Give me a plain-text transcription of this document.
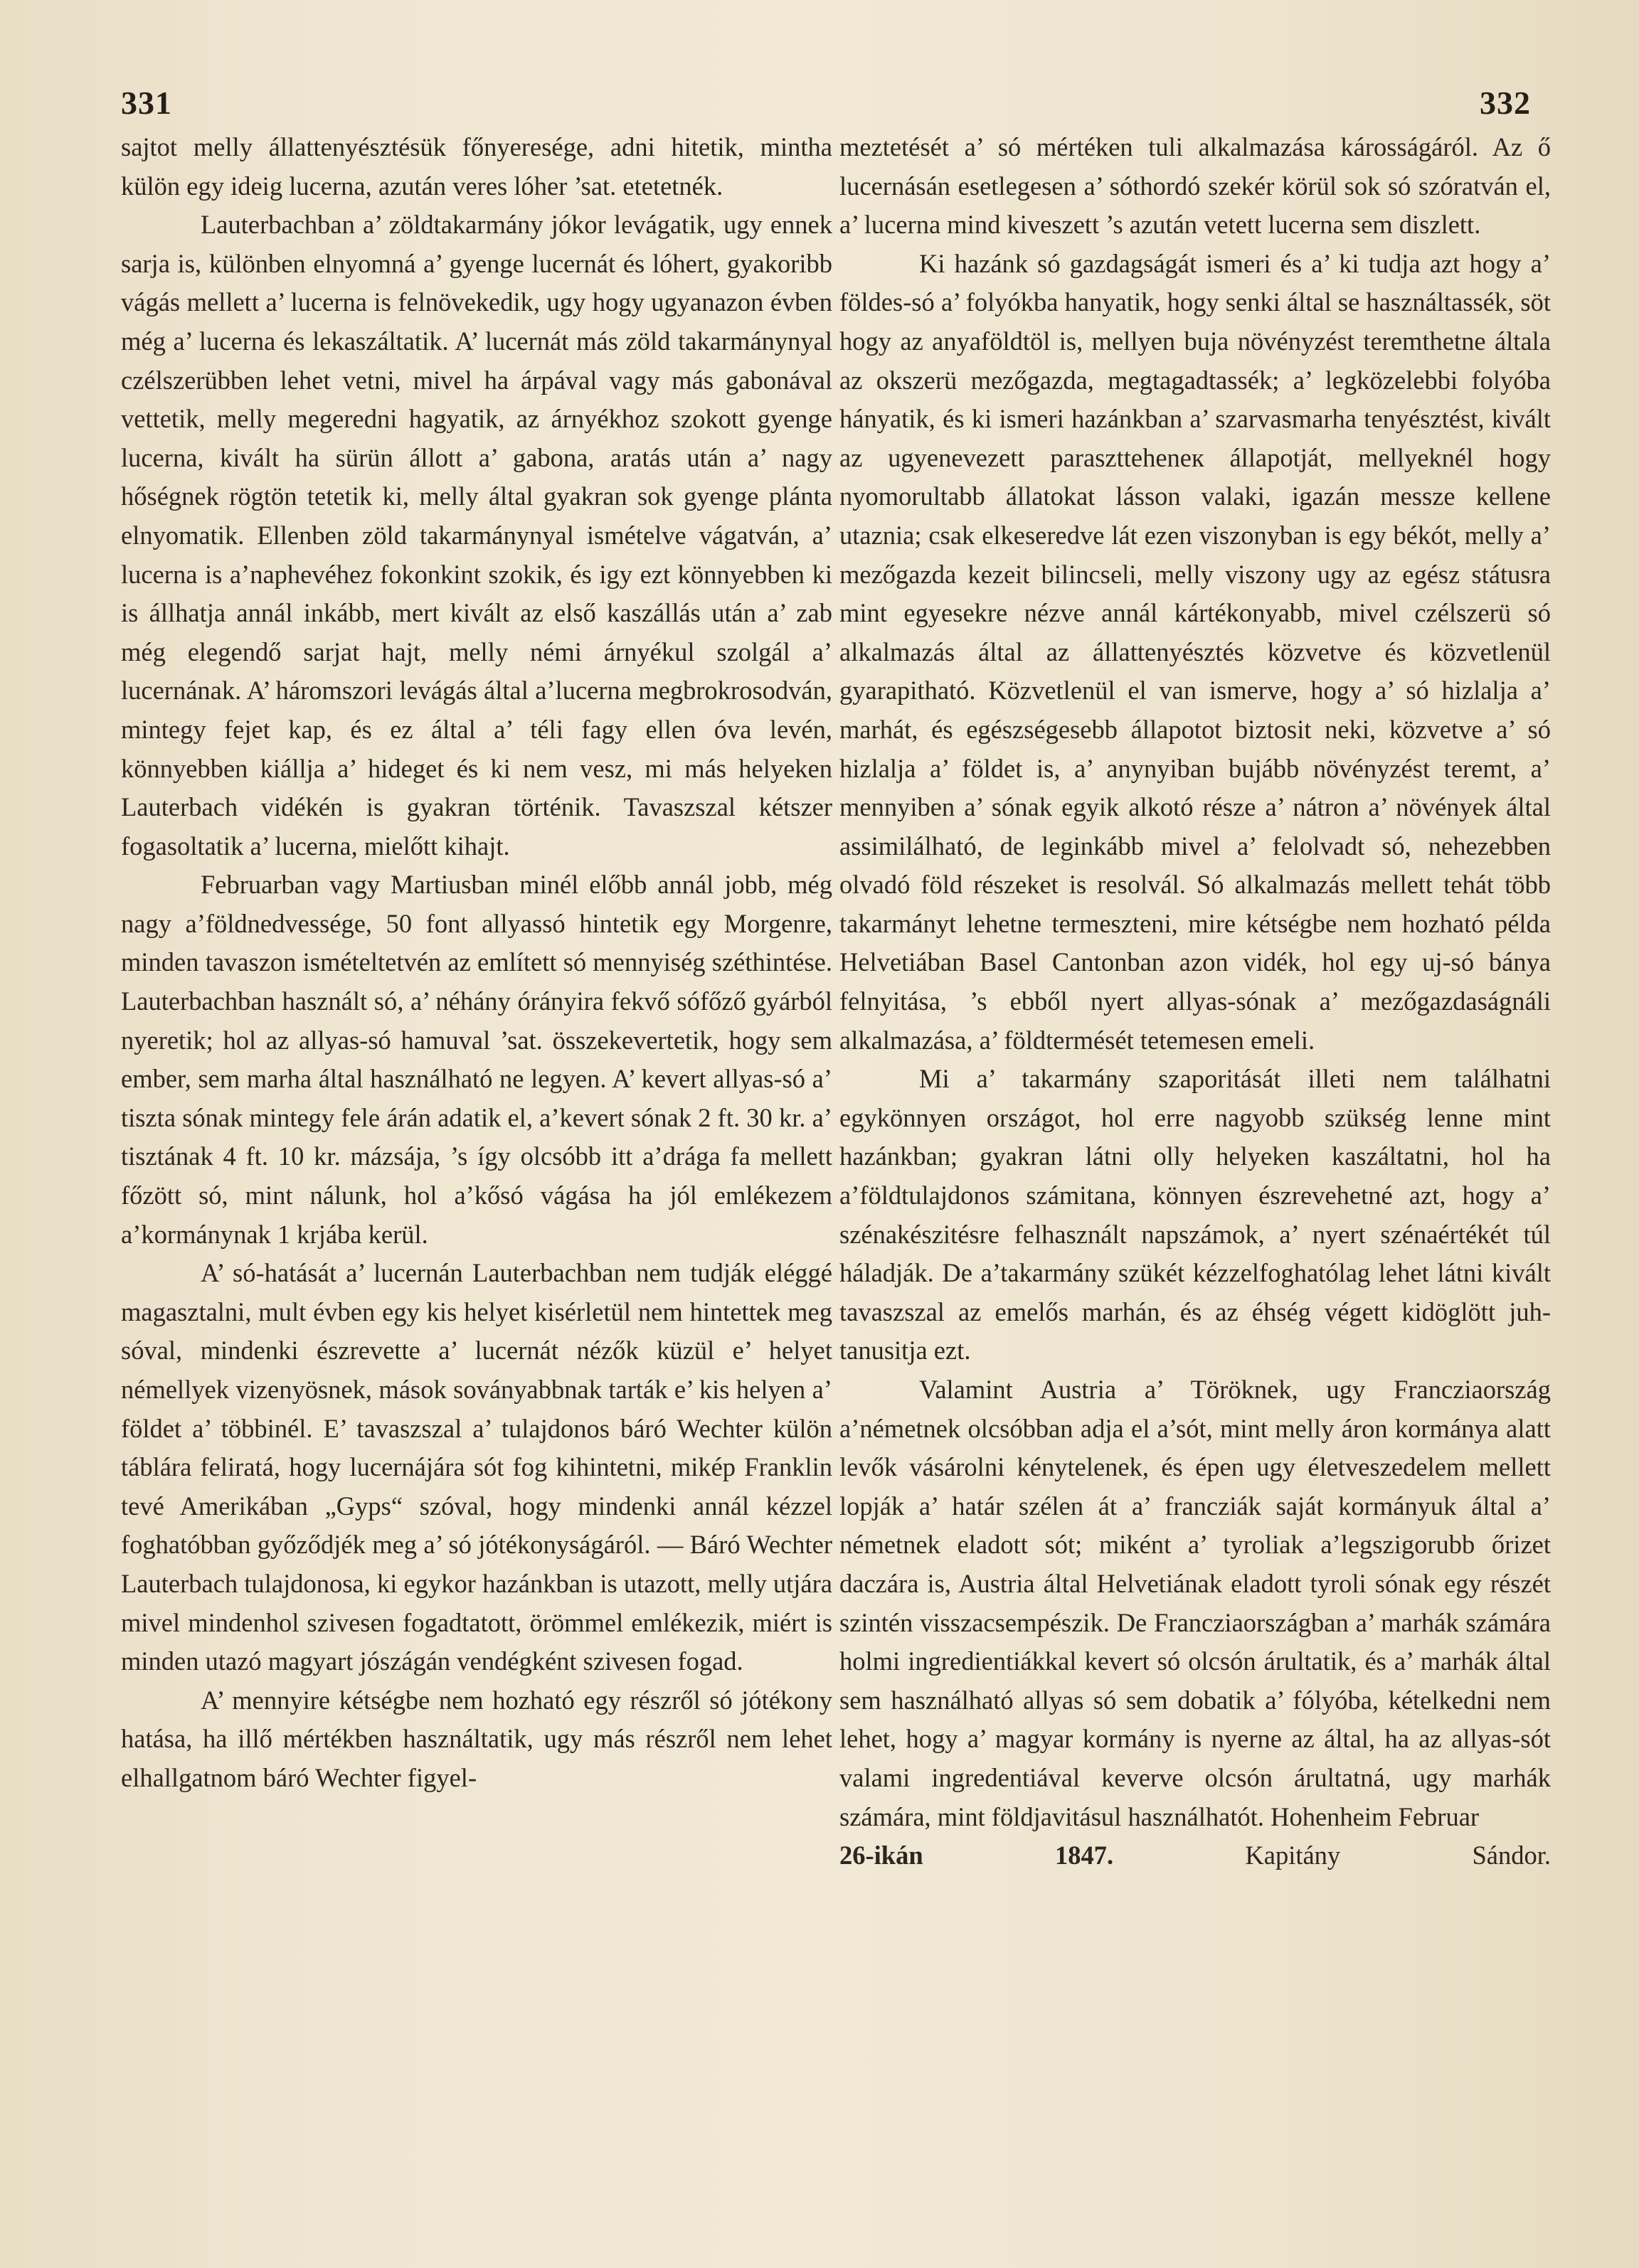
331	332

sajtot melly állattenyésztésük főnyeresége, adni hitetik, mintha külön egy ideig lucerna, azután veres lóher ’sat. etetetnék.

Lauterbachban a’ zöldtakarmány jókor levágatik, ugy ennek sarja is, különben elnyomná a’ gyenge lucernát és lóhert, gyakoribb vágás mellett a’ lucerna is felnövekedik, ugy hogy ugyanazon évben még a’ lucerna és lekaszáltatik. A’ lucernát más zöld takarmánynyal czélszerübben lehet vetni, mivel ha árpával vagy más gabonával vettetik, melly megeredni hagyatik, az árnyékhoz szokott gyenge lucerna, kivált ha sürün állott a’ gabona, aratás után a’ nagy hőségnek rögtön tetetik ki, melly által gyakran sok gyenge plánta elnyomatik. Ellenben zöld takarmánynyal ismételve vágatván, a’ lucerna is a’naphevéhez fokonkint szokik, és igy ezt könnyebben ki is állhatja annál inkább, mert kivált az első kaszállás után a’ zab még elegendő sarjat hajt, melly némi árnyékul szolgál a’ lucernának. A’ háromszori levágás által a’lucerna megbrokrosodván, mintegy fejet kap, és ez által a’ téli fagy ellen óva levén, könnyebben kiállja a’ hideget és ki nem vesz, mi más helyeken Lauterbach vidékén is gyakran történik. Tavaszszal kétszer fogasoltatik a’ lucerna, mielőtt kihajt.

Februarban vagy Martiusban minél előbb annál jobb, még nagy a’földnedvessége, 50 font allyassó hintetik egy Morgenre, minden tavaszon ismételtetvén az említett só mennyiség széthintése. Lauterbachban használt só, a’ néhány órányira fekvő sófőző gyárból nyeretik; hol az allyas-só hamuval ’sat. összekevertetik, hogy sem ember, sem marha által használható ne legyen. A’ kevert allyas-só a’ tiszta sónak mintegy fele árán adatik el, a’kevert sónak 2 ft. 30 kr. a’ tisztának 4 ft. 10 kr. mázsája, ’s így olcsóbb itt a’drága fa mellett főzött só, mint nálunk, hol a’kősó vágása ha jól emlékezem a’kormánynak 1 krjába kerül.

A’ só-hatását a’ lucernán Lauterbachban nem tudják eléggé magasztalni, mult évben egy kis helyet kisérletül nem hintettek meg sóval, mindenki észrevette a’ lucernát nézők küzül e’ helyet némellyek vizenyösnek, mások soványabbnak tarták e’ kis helyen a’ földet a’ többinél. E’ tavaszszal a’ tulajdonos báró Wechter külön táblára feliratá, hogy lucernájára sót fog kihintetni, mikép Franklin tevé Amerikában „Gyps“ szóval, hogy mindenki annál kézzel foghatóbban győződjék meg a’ só jótékonyságáról. — Báró Wechter Lauterbach tulajdonosa, ki egykor hazánkban is utazott, melly utjára mivel mindenhol szivesen fogadtatott, örömmel emlékezik, miért is minden utazó magyart jószágán vendégként szivesen fogad.

A’ mennyire kétségbe nem hozható egy részről só jótékony hatása, ha illő mértékben használtatik, ugy más részről nem lehet elhallgatnom báró Wechter figyel-

meztetését a’ só mértéken tuli alkalmazása károsságáról. Az ő lucernásán esetlegesen a’ sóthordó szekér körül sok só szóratván el, a’ lucerna mind kiveszett ’s azután vetett lucerna sem diszlett.

Ki hazánk só gazdagságát ismeri és a’ ki tudja azt hogy a’ földes-só a’ folyókba hanyatik, hogy senki által se használtassék, söt hogy az anyaföldtöl is, mellyen buja növényzést teremthetne általa az okszerü mezőgazda, megtagadtassék; a’ legközelebbi folyóba hányatik, és ki ismeri hazánkban a’ szarvasmarha tenyésztést, kivált az ugyenevezett parasztteheneк állapotját, mellyeknél hogy nyomorultabb állatokat lásson valaki, igazán messze kellene utaznia; csak elkeseredve lát ezen viszonyban is egy békót, melly a’ mezőgazda kezeit bilincseli, melly viszony ugy az egész státusra mint egyesekre nézve annál kártékonyabb, mivel czélszerü só alkalmazás által az állattenyésztés közvetve és közvetlenül gyarapitható. Közvetlenül el van ismerve, hogy a’ só hizlalja a’ marhát, és egészségesebb állapotot biztosit neki, közvetve a’ só hizlalja a’ földet is, a’ anynyiban bujább növényzést teremt, a’ mennyiben a’ sónak egyik alkotó része a’ nátron a’ növények által assimilálható, de leginkább mivel a’ felolvadt só, nehezebben olvadó föld részeket is resolvál. Só alkalmazás mellett tehát több takarmányt lehetne termeszteni, mire kétségbe nem hozható példa Helvetiában Basel Cantonban azon vidék, hol egy uj-só bánya felnyitása, ’s ebből nyert allyas-sónak a’ mezőgazdaságnáli alkalmazása, a’ földtermését tetemesen emeli.

Mi a’ takarmány szaporitását illeti nem találhatni egykönnyen országot, hol erre nagyobb szükség lenne mint hazánkban; gyakran látni olly helyeken kaszáltatni, hol ha a’földtulajdonos számitana, könnyen észrevehetné azt, hogy a’ szénakészitésre felhasznált napszámok, a’ nyert szénaértékét túl háladják. De a’takarmány szükét kézzelfoghatólag lehet látni kivált tavaszszal az emelős marhán, és az éhség végett kidöglött juh-tanusitja ezt.

Valamint Austria a’ Töröknek, ugy Francziaország a’németnek olcsóbban adja el a’sót, mint melly áron kormánya alatt levők vásárolni kénytelenek, és épen ugy életveszedelem mellett lopják a’ határ szélen át a’ francziák saját kormányuk által a’ németnek eladott sót; miként a’ tyroliak a’legszigorubb őrizet daczára is, Austria által Helvetiának eladott tyroli sónak egy részét szintén visszacsempészik. De Francziaországban a’ marhák számára holmi ingredientiákkal kevert só olcsón árultatik, és a’ marhák által sem használható allyas só sem dobatik a’ fólyóba, kételkedni nem lehet, hogy a’ magyar kormány is nyerne az által, ha az allyas-sót valami ingredentiával keverve olcsón árultatná, ugy marhák számára, mint földjavitásul használhatót. Hohenheim Februar

26-ikán 1847.	Kapitány Sándor.
